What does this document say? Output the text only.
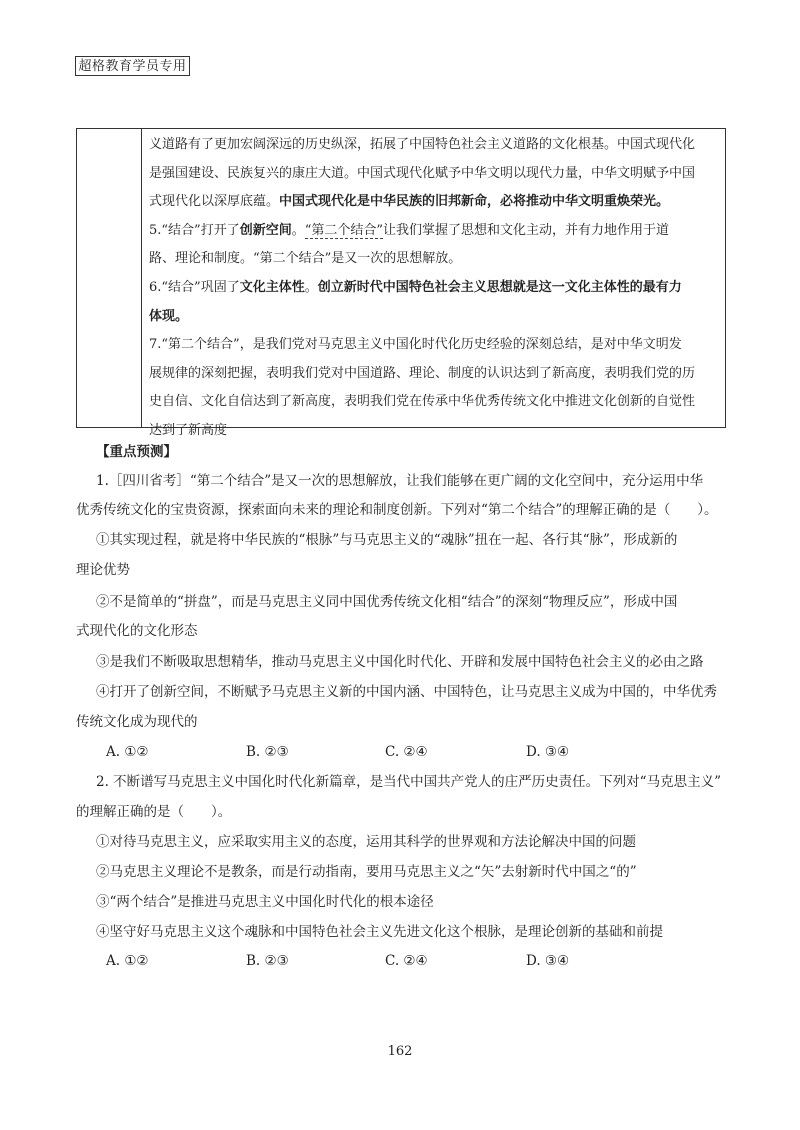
超格教育学员专用
义道路有了更加宏阔深远的历史纵深，拓展了中国特色社会主义道路的文化根基。中国式现代化
是强国建设、民族复兴的康庄大道。中国式现代化赋予中华文明以现代力量，中华文明赋予中国
式现代化以深厚底蕴。中国式现代化是中华民族的旧邦新命，必将推动中华文明重焕荣光。
5.“结合”打开了创新空间。“第二个结合”让我们掌握了思想和文化主动，并有力地作用于道
路、理论和制度。“第二个结合”是又一次的思想解放。
6.“结合”巩固了文化主体性。创立新时代中国特色社会主义思想就是这一文化主体性的最有力
体现。
7.“第二个结合”，是我们党对马克思主义中国化时代化历史经验的深刻总结，是对中华文明发
展规律的深刻把握，表明我们党对中国道路、理论、制度的认识达到了新高度，表明我们党的历
史自信、文化自信达到了新高度，表明我们党在传承中华优秀传统文化中推进文化创新的自觉性
达到了新高度
【重点预测】
1.［四川省考］“第二个结合”是又一次的思想解放，让我们能够在更广阔的文化空间中，充分运用中华
优秀传统文化的宝贵资源，探索面向未来的理论和制度创新。下列对“第二个结合”的理解正确的是（　　）。
①其实现过程，就是将中华民族的“根脉”与马克思主义的“魂脉”扭在一起、各行其“脉”，形成新的
理论优势
②不是简单的“拼盘”，而是马克思主义同中国优秀传统文化相“结合”的深刻“物理反应”，形成中国
式现代化的文化形态
③是我们不断吸取思想精华，推动马克思主义中国化时代化、开辟和发展中国特色社会主义的必由之路
④打开了创新空间，不断赋予马克思主义新的中国内涵、中国特色，让马克思主义成为中国的，中华优秀
传统文化成为现代的
A. ①②	B. ②③	C. ②④	D. ③④
2. 不断谱写马克思主义中国化时代化新篇章，是当代中国共产党人的庄严历史责任。下列对“马克思主义”
的理解正确的是（　　）。
①对待马克思主义，应采取实用主义的态度，运用其科学的世界观和方法论解决中国的问题
②马克思主义理论不是教条，而是行动指南，要用马克思主义之“矢”去射新时代中国之“的”
③“两个结合”是推进马克思主义中国化时代化的根本途径
④坚守好马克思主义这个魂脉和中国特色社会主义先进文化这个根脉，是理论创新的基础和前提
A. ①②	B. ②③	C. ②④	D. ③④
162
